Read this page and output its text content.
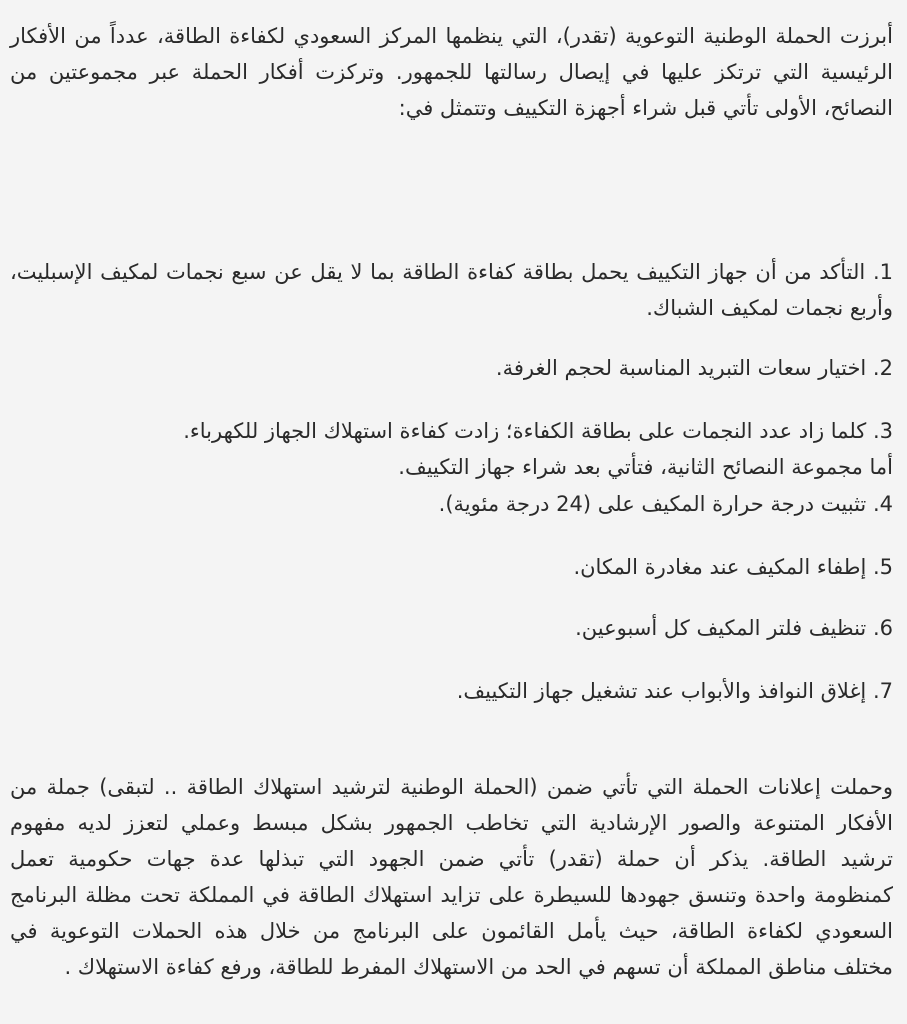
أبرزت الحملة الوطنية التوعوية (تقدر)، التي ينظمها المركز السعودي لكفاءة الطاقة، عدداً من الأفكار
الرئيسية التي ترتكز عليها في إيصال رسالتها للجمهور. وتركزت أفكار الحملة عبر مجموعتين من
النصائح، الأولى تأتي قبل شراء أجهزة التكييف وتتمثل في:
1. التأكد من أن جهاز التكييف يحمل بطاقة كفاءة الطاقة بما لا يقل عن سبع نجمات لمكيف الإسبليت،
وأربع نجمات لمكيف الشباك.
2. اختيار سعات التبريد المناسبة لحجم الغرفة.
3. كلما زاد عدد النجمات على بطاقة الكفاءة؛ زادت كفاءة استهلاك الجهاز للكهرباء.
أما مجموعة النصائح الثانية، فتأتي بعد شراء جهاز التكييف.
4. تثبيت درجة حرارة المكيف على (24 درجة مئوية).
5. إطفاء المكيف عند مغادرة المكان.
6. تنظيف فلتر المكيف كل أسبوعين.
7. إغلاق النوافذ والأبواب عند تشغيل جهاز التكييف.
وحملت إعلانات الحملة التي تأتي ضمن (الحملة الوطنية لترشيد استهلاك الطاقة .. لتبقى) جملة من
الأفكار المتنوعة والصور الإرشادية التي تخاطب الجمهور بشكل مبسط وعملي لتعزز لديه مفهوم
ترشيد الطاقة. يذكر أن حملة (تقدر) تأتي ضمن الجهود التي تبذلها عدة جهات حكومية تعمل
كمنظومة واحدة وتنسق جهودها للسيطرة على تزايد استهلاك الطاقة في المملكة تحت مظلة البرنامج
السعودي لكفاءة الطاقة، حيث يأمل القائمون على البرنامج من خلال هذه الحملات التوعوية في
مختلف مناطق المملكة أن تسهم في الحد من الاستهلاك المفرط للطاقة، ورفع كفاءة الاستهلاك .
